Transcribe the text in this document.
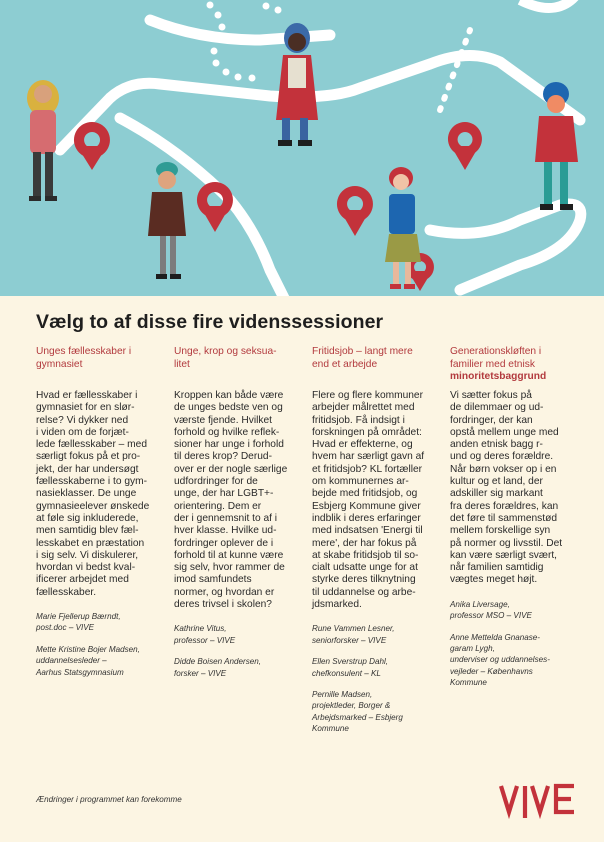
Vælg to af disse fire videnssessioner
Unges fællesskaber i
gymnasiet
Hvad er fællesskaber i
gymnasiet for en slør-
relse? Vi dykker ned
i viden om de forjæt-
lede fællesskaber – med
særligt fokus på et pro-
jekt, der har undersøgt
fællesskaberne i to gym-
nasieklasser. De unge
gymnasieelever ønskede
at føle sig inkluderede,
men samtidig blev fæl-
lesskabet en præstation
i sig selv. Vi diskulerer,
hvordan vi bedst kval-
ificerer arbejdet med
fællesskaber.
Marie Fjellerup Bærndt,
post.doc – VIVE
Mette Kristine Bojer Madsen,
uddannelsesleder –
Aarhus Statsgymnasium
Unge, krop og seksua-
litet
Kroppen kan både være
de unges bedste ven og
værste fjende. Hvilket
forhold og hvilke reflek-
sioner har unge i forhold
til deres krop? Derud-
over er der nogle særlige
udfordringer for de
unge, der har LGBT+-
orientering. Dem er
der i gennemsnit to af i
hver klasse. Hvilke ud-
fordringer oplever de i
forhold til at kunne være
sig selv, hvor rammer de
imod samfundets
normer, og hvordan er
deres trivsel i skolen?
Kathrine Vitus,
professor – VIVE
Didde Boisen Andersen,
forsker – VIVE
Fritidsjob – langt mere
end et arbejde
Flere og flere kommuner
arbejder målrettet med
fritidsjob. Få indsigt i
forskningen på området:
Hvad er effekterne, og
hvem har særligt gavn af
et fritidsjob? KL fortæller
om kommunernes ar-
bejde med fritidsjob, og
Esbjerg Kommune giver
indblik i deres erfaringer
med indsatsen 'Energi til
mere', der har fokus på
at skabe fritidsjob til so-
cialt udsatte unge for at
styrke deres tilknytning
til uddannelse og arbe-
jdsmarked.
Rune Vammen Lesner,
seniorforsker – VIVE
Ellen Sverstrup Dahl,
chefkonsulent – KL
Pernille Madsen,
projektleder, Borger &
Arbejdsmarked – Esbjerg
Kommune
Generationskløften i
familier med etnisk
minoritetsbaggrund
Vi sætter fokus på
de dilemmaer og ud-
fordringer, der kan
opstå mellem unge med
anden etnisk bagg r-
und og deres forældre.
Når børn vokser op i en
kultur og et land, der
adskiller sig markant
fra deres forældres, kan
det føre til sammenstød
mellem forskellige syn
på normer og livsstil. Det
kan være særligt svært,
når familien samtidig
vægtes meget højt.
Anika Liversage,
professor MSO – VIVE
Anne Mettelda Gnanase-
garam Lygh,
underviser og uddannelses-
vejleder – Københavns
Kommune
Ændringer i programmet kan forekomme
